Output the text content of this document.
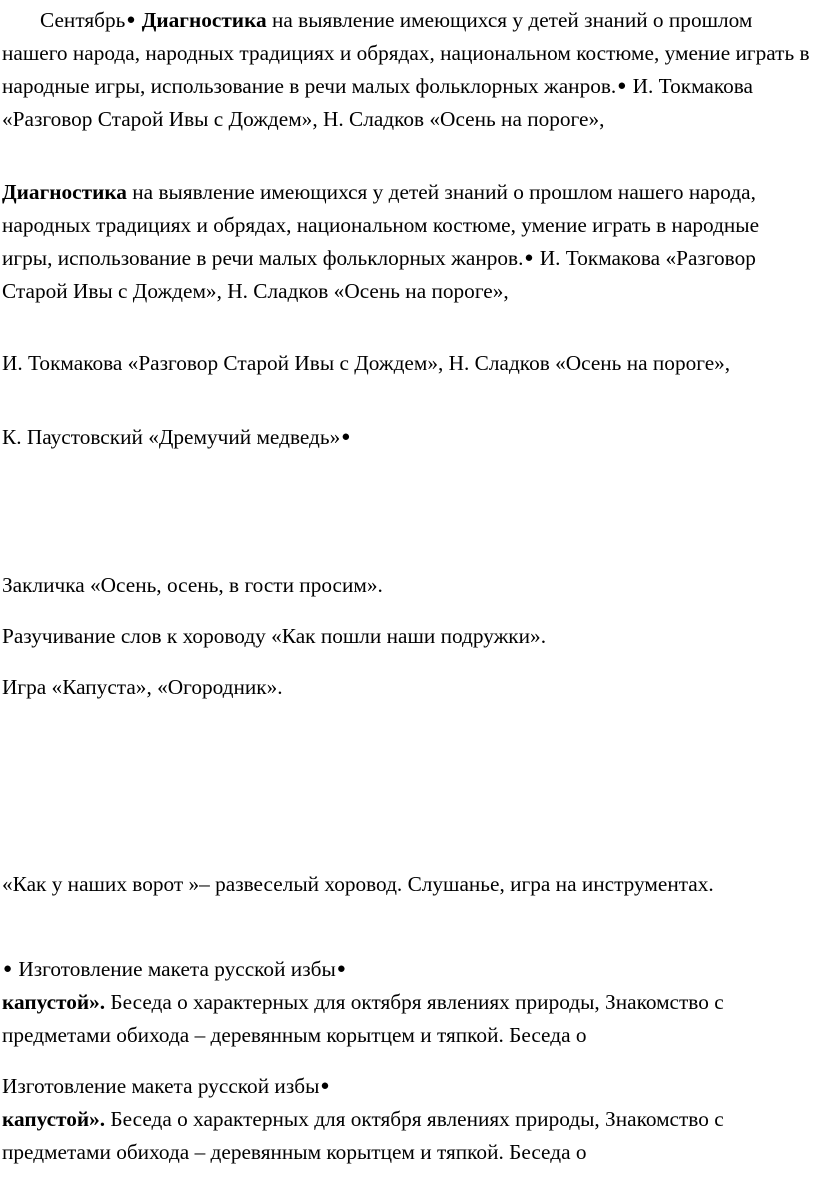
Сентябрь● Диагностика на выявление имеющихся у детей знаний о прошлом нашего народа, народных традициях и обрядах, национальном костюме, умение играть в народные игры, использование в речи малых фольклорных жанров.● И. Токмакова «Разговор Старой Ивы с Дождем», Н. Сладков «Осень на пороге»,

Диагностика на выявление имеющихся у детей знаний о прошлом нашего народа, народных традициях и обрядах, национальном костюме, умение играть в народные игры, использование в речи малых фольклорных жанров.● И. Токмакова «Разговор Старой Ивы с Дождем», Н. Сладков «Осень на пороге»,

И. Токмакова «Разговор Старой Ивы с Дождем», Н. Сладков «Осень на пороге»,

К. Паустовский «Дремучий медведь»●

Закличка «Осень, осень, в гости просим».

Разучивание слов к хороводу «Как пошли наши подружки».

Игра «Капуста», «Огородник».

«Как у наших ворот »– развеселый хоровод. Слушанье, игра на инструментах.

● Изготовление макета русской избы●
капустой». Беседа о характерных для октября явлениях природы, Знакомство с предметами обихода – деревянным корытцем и тяпкой. Беседа о

Изготовление макета русской избы●
капустой». Беседа о характерных для октября явлениях природы, Знакомство с предметами обихода – деревянным корытцем и тяпкой. Беседа о
